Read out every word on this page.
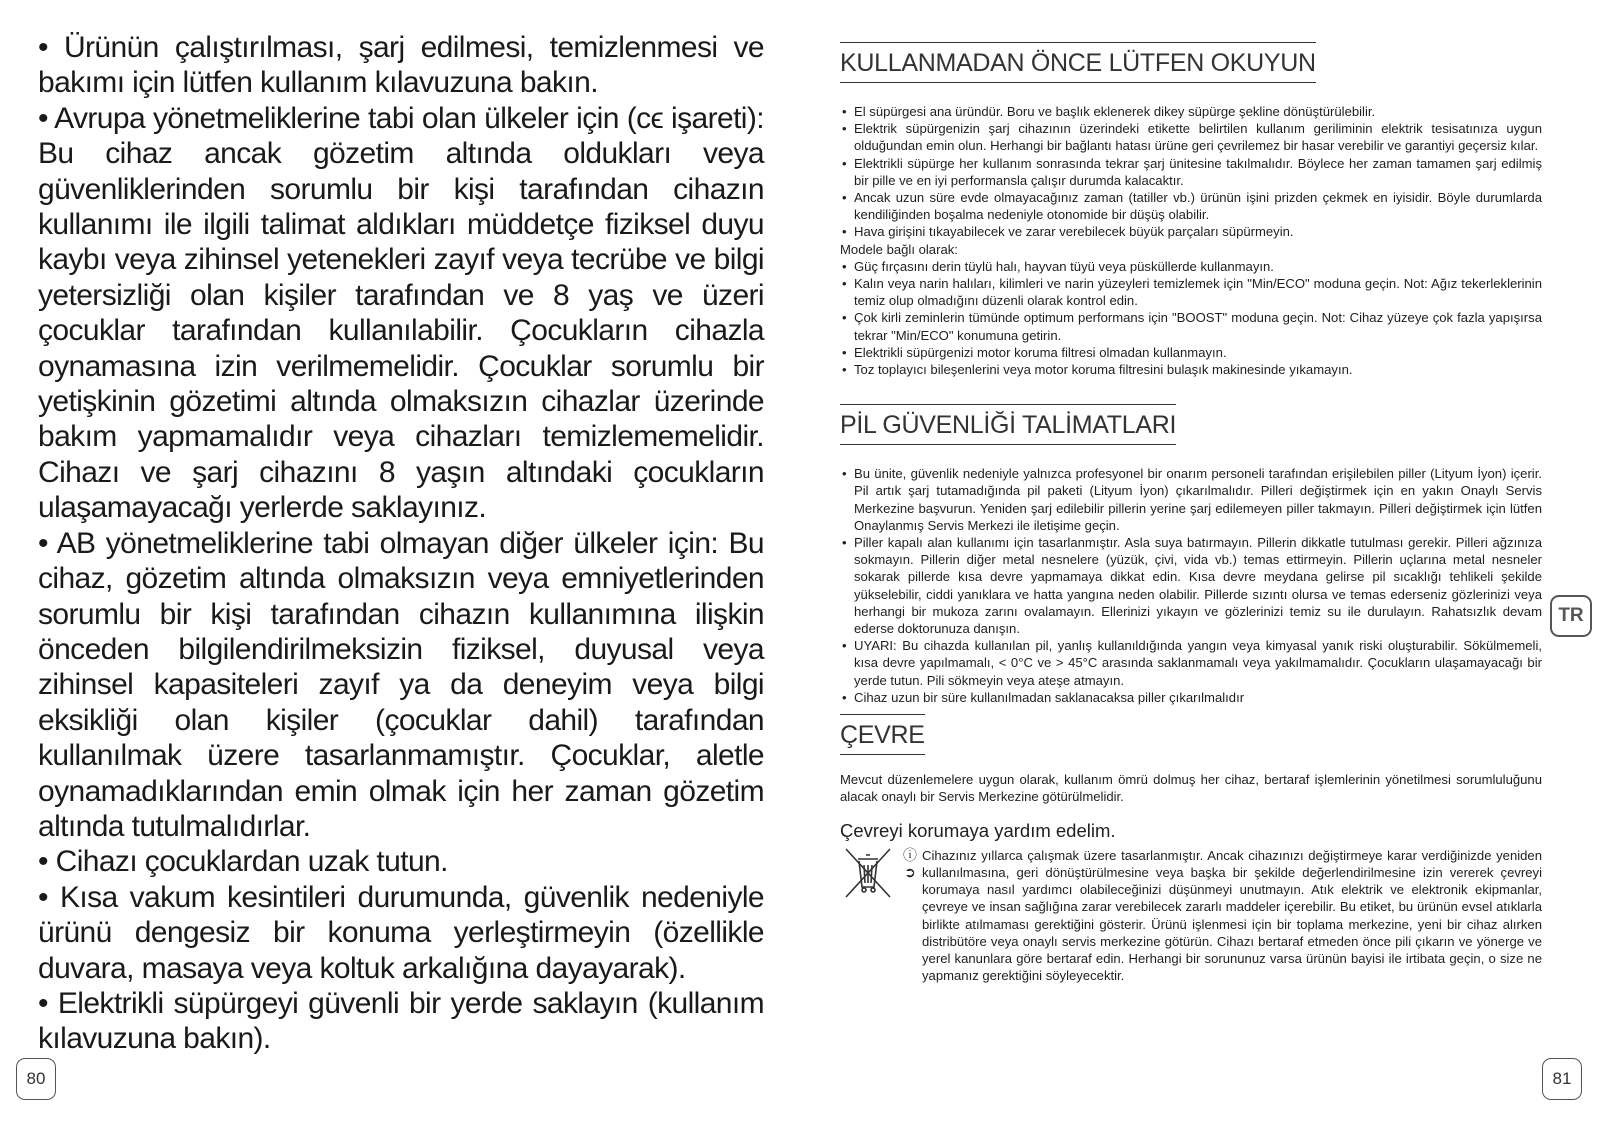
• Ürünün çalıştırılması, şarj edilmesi, temizlenmesi ve bakımı için lütfen kullanım kılavuzuna bakın.

• Avrupa yönetmeliklerine tabi olan ülkeler için (cϵ işareti): Bu cihaz ancak gözetim altında oldukları veya güvenliklerinden sorumlu bir kişi tarafından cihazın kullanımı ile ilgili talimat aldıkları müddetçe fiziksel duyu kaybı veya zihinsel yetenekleri zayıf veya tecrübe ve bilgi yetersizliği olan kişiler tarafından ve 8 yaş ve üzeri çocuklar tarafından kullanılabilir. Çocukların cihazla oynamasına izin verilmemelidir. Çocuklar sorumlu bir yetişkinin gözetimi altında olmaksızın cihazlar üzerinde bakım yapmamalıdır veya cihazları temizlememelidir. Cihazı ve şarj cihazını 8 yaşın altındaki çocukların ulaşamayacağı yerlerde saklayınız.

• AB yönetmeliklerine tabi olmayan diğer ülkeler için: Bu cihaz, gözetim altında olmaksızın veya emniyetlerinden sorumlu bir kişi tarafından cihazın kullanımına ilişkin önceden bilgilendirilmeksizin fiziksel, duyusal veya zihinsel kapasiteleri zayıf ya da deneyim veya bilgi eksikliği olan kişiler (çocuklar dahil) tarafından kullanılmak üzere tasarlanmamıştır. Çocuklar, aletle oynamadıklarından emin olmak için her zaman gözetim altında tutulmalıdırlar.

• Cihazı çocuklardan uzak tutun.

• Kısa vakum kesintileri durumunda, güvenlik nedeniyle ürünü dengesiz bir konuma yerleştirmeyin (özellikle duvara, masaya veya koltuk arkalığına dayayarak).

• Elektrikli süpürgeyi güvenli bir yerde saklayın (kullanım kılavuzuna bakın).

80
KULLANMADAN ÖNCE LÜTFEN OKUYUN
• El süpürgesi ana üründür. Boru ve başlık eklenerek dikey süpürge şekline dönüştürülebilir.
• Elektrik süpürgenizin şarj cihazının üzerindeki etikette belirtilen kullanım geriliminin elektrik tesisatınıza uygun olduğundan emin olun. Herhangi bir bağlantı hatası ürüne geri çevrilemez bir hasar verebilir ve garantiyi geçersiz kılar.
• Elektrikli süpürge her kullanım sonrasında tekrar şarj ünitesine takılmalıdır. Böylece her zaman tamamen şarj edilmiş bir pille ve en iyi performansla çalışır durumda kalacaktır.
• Ancak uzun süre evde olmayacağınız zaman (tatiller vb.) ürünün işini prizden çekmek en iyisidir. Böyle durumlarda kendiliğinden boşalma nedeniyle otonomide bir düşüş olabilir.
• Hava girişini tıkayabilecek ve zarar verebilecek büyük parçaları süpürmeyin.

Modele bağlı olarak:

• Güç fırçasını derin tüylü halı, hayvan tüyü veya püsküllerde kullanmayın.
• Kalın veya narin halıları, kilimleri ve narin yüzeyleri temizlemek için "Min/ECO" moduna geçin. Not: Ağız tekerleklerinin temiz olup olmadığını düzenli olarak kontrol edin.
• Çok kirli zeminlerin tümünde optimum performans için "BOOST" moduna geçin. Not: Cihaz yüzeye çok fazla yapışırsa tekrar "Min/ECO" konumuna getirin.
• Elektrikli süpürgenizi motor koruma filtresi olmadan kullanmayın.
• Toz toplayıcı bileşenlerini veya motor koruma filtresini bulaşık makinesinde yıkamayın.
PİL GÜVENLİĞİ TALİMATLARI
• Bu ünite, güvenlik nedeniyle yalnızca profesyonel bir onarım personeli tarafından erişilebilen piller (Lityum İyon) içerir. Pil artık şarj tutamadığında pil paketi (Lityum İyon) çıkarılmalıdır. Pilleri değiştirmek için en yakın Onaylı Servis Merkezine başvurun. Yeniden şarj edilebilir pillerin yerine şarj edilemeyen piller takmayın. Pilleri değiştirmek için lütfen Onaylanmış Servis Merkezi ile iletişime geçin.
• Piller kapalı alan kullanımı için tasarlanmıştır. Asla suya batırmayın. Pillerin dikkatle tutulması gerekir. Pilleri ağzınıza sokmayın. Pillerin diğer metal nesnelere (yüzük, çivi, vida vb.) temas ettirmeyin. Pillerin uçlarına metal nesneler sokarak pillerde kısa devre yapmamaya dikkat edin. Kısa devre meydana gelirse pil sıcaklığı tehlikeli şekilde yükselebilir, ciddi yanıklara ve hatta yangına neden olabilir. Pillerde sızıntı olursa ve temas ederseniz gözlerinizi veya herhangi bir mukoza zarını ovalamayın. Ellerinizi yıkayın ve gözlerinizi temiz su ile durulayın. Rahatsızlık devam ederse doktorunuza danışın.
• UYARI: Bu cihazda kullanılan pil, yanlış kullanıldığında yangın veya kimyasal yanık riski oluşturabilir. Sökülmemeli, kısa devre yapılmamalı, < 0°C ve > 45°C arasında saklanmamalı veya yakılmamalıdır. Çocukların ulaşamayacağı bir yerde tutun. Pili sökmeyin veya ateşe atmayın.
• Cihaz uzun bir süre kullanılmadan saklanacaksa piller çıkarılmalıdır
ÇEVRE

Mevcut düzenlemelere uygun olarak, kullanım ömrü dolmuş her cihaz, bertaraf işlemlerinin yönetilmesi sorumluluğunu alacak onaylı bir Servis Merkezine götürülmelidir.

Çevreyi korumaya yardım edelim.

ⓘ
➲
Cihazınız yıllarca çalışmak üzere tasarlanmıştır. Ancak cihazınızı değiştirmeye karar verdiğinizde yeniden kullanılmasına, geri dönüştürülmesine veya başka bir şekilde değerlendirilmesine izin vererek çevreyi korumaya nasıl yardımcı olabileceğinizi düşünmeyi unutmayın. Atık elektrik ve elektronik ekipmanlar, çevreye ve insan sağlığına zarar verebilecek zararlı maddeler içerebilir. Bu etiket, bu ürünün evsel atıklarla birlikte atılmaması gerektiğini gösterir. Ürünü işlenmesi için bir toplama merkezine, yeni bir cihaz alırken distribütöre veya onaylı servis merkezine götürün. Cihazı bertaraf etmeden önce pili çıkarın ve yönerge ve yerel kanunlara göre bertaraf edin. Herhangi bir sorununuz varsa ürünün bayisi ile irtibata geçin, o size ne yapmanız gerektiğini söyleyecektir.
TR
81
